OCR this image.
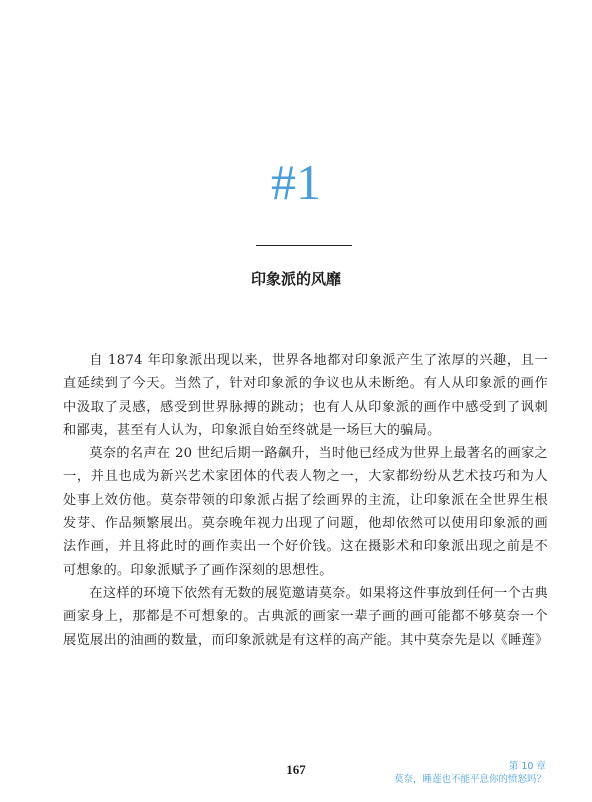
#1
印象派的风靡

自 1874 年印象派出现以来，世界各地都对印象派产生了浓厚的兴趣，且一直延续到了今天。当然了，针对印象派的争议也从未断绝。有人从印象派的画作中汲取了灵感，感受到世界脉搏的跳动；也有人从印象派的画作中感受到了讽刺和鄙夷，甚至有人认为，印象派自始至终就是一场巨大的骗局。

莫奈的名声在 20 世纪后期一路飙升，当时他已经成为世界上最著名的画家之一，并且也成为新兴艺术家团体的代表人物之一，大家都纷纷从艺术技巧和为人处事上效仿他。莫奈带领的印象派占据了绘画界的主流，让印象派在全世界生根发芽、作品频繁展出。莫奈晚年视力出现了问题，他却依然可以使用印象派的画法作画，并且将此时的画作卖出一个好价钱。这在摄影术和印象派出现之前是不可想象的。印象派赋予了画作深刻的思想性。

在这样的环境下依然有无数的展览邀请莫奈。如果将这件事放到任何一个古典画家身上，那都是不可想象的。古典派的画家一辈子画的画可能都不够莫奈一个展览展出的油画的数量，而印象派就是有这样的高产能。其中莫奈先是以《睡莲》

167	第 10 章
莫奈，睡莲也不能平息你的愤怒吗？
